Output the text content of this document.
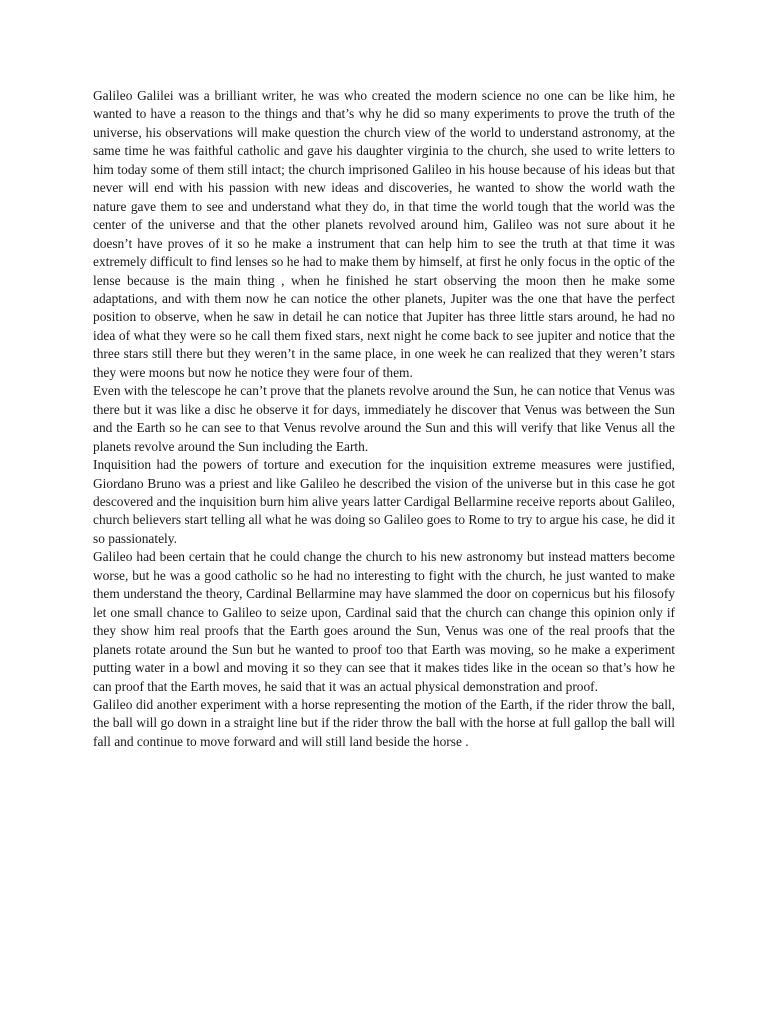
Galileo Galilei was a brilliant writer, he was who created the modern science no one can be like him, he wanted to have a reason to the things and that’s why he did so many experiments to prove the truth of the universe, his observations will make question the church view of the world to understand astronomy, at the same time he was faithful catholic and gave his daughter virginia to the church, she used to write letters to him today some of them still intact; the church imprisoned Galileo in his house because of his ideas but that never will end with his passion with new ideas and discoveries, he wanted to show the world wath the nature gave them to see and understand what they do, in that time the world tough that the world was the center of the universe and that the other planets revolved around him, Galileo was not sure about it he doesn’t have proves of it so he make a instrument that can help him to see the truth at that time it was extremely difficult to find lenses so he had to make them by himself, at first he only focus in the optic of the lense because is the main thing , when he finished he start observing the moon then he make some adaptations, and with them now he can notice the other planets, Jupiter was the one that have the perfect position to observe, when he saw in detail he can notice that Jupiter has three little stars around, he had no idea of what they were so he call them fixed stars, next night he come back to see jupiter and notice that the three stars still there but they weren’t in the same place, in one week he can realized that they weren’t stars they were moons but now he notice they were four of them.

Even with the telescope he can’t prove that the planets revolve around the Sun, he can notice that Venus was there but it was like a disc he observe it for days, immediately he discover that Venus was between the Sun and the Earth so he can see to that Venus revolve around the Sun and this will verify that like Venus all the planets revolve around the Sun including the Earth.

Inquisition had the powers of torture and execution for the inquisition extreme measures were justified, Giordano Bruno was a priest and like Galileo he described the vision of the universe but in this case he got descovered and the inquisition burn him alive years latter Cardigal Bellarmine receive reports about Galileo, church believers start telling all what he was doing so Galileo goes to Rome to try to argue his case, he did it so passionately.

Galileo had been certain that he could change the church to his new astronomy but instead matters become worse, but he was a good catholic so he had no interesting to fight with the church, he just wanted to make them understand the theory, Cardinal Bellarmine may have slammed the door on copernicus but his filosofy let one small chance to Galileo to seize upon, Cardinal said that the church can change this opinion only if they show him real proofs that the Earth goes around the Sun, Venus was one of the real proofs that the planets rotate around the Sun but he wanted to proof too that Earth was moving, so he make a experiment putting water in a bowl and moving it so they can see that it makes tides like in the ocean so that’s how he can proof that the Earth moves, he said that it was an actual physical demonstration and proof.

Galileo did another experiment with a horse representing the motion of the Earth, if the rider throw the ball, the ball will go down in a straight line but if the rider throw the ball with the horse at full gallop the ball will fall and continue to move forward and will still land beside the horse .
